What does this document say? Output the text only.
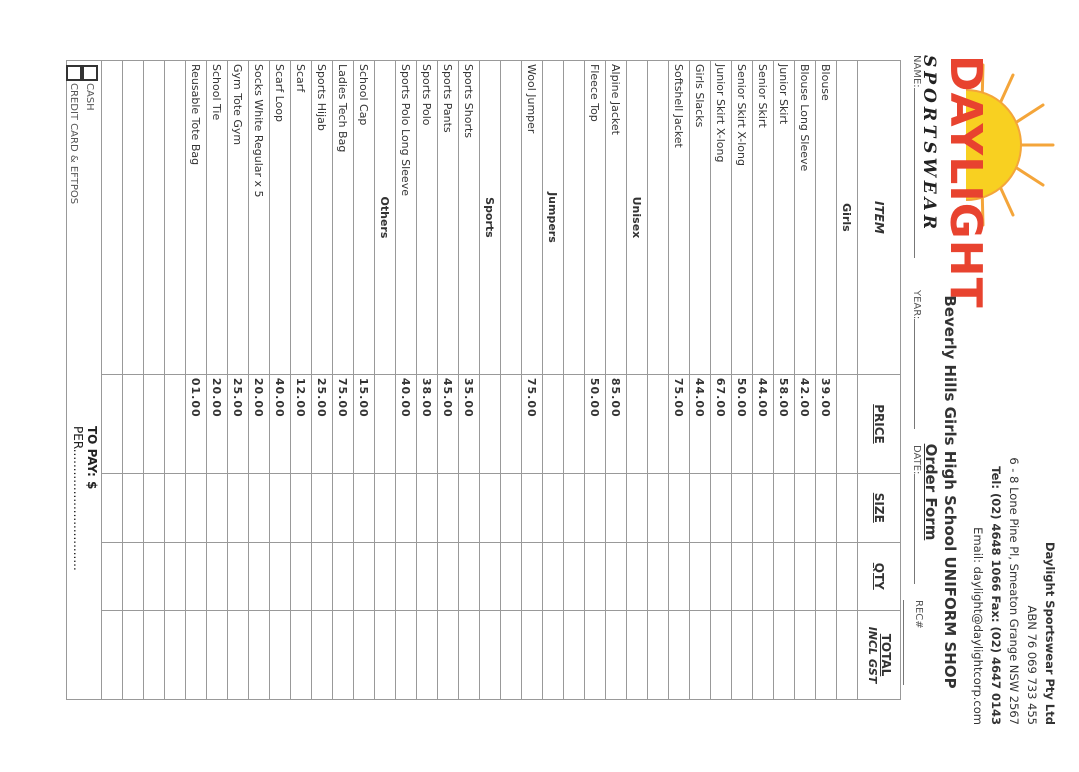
DAYLIGHT
SPORTSWEAR
Daylight Sportswear Pty Ltd
ABN 76 069 733 455
6 - 8 Lone Pine Pl, Smeaton Grange NSW 2567
Tel: (02) 4648 1066 Fax: (02) 4647 0143
Email: daylight@daylightcorp.com
Beverly Hills Girls High School UNIFORM SHOP
Order Form
NAME:
YEAR:
DATE:
REC#
ITEM	PRICE	SIZE	QTY	TOTAL
INCL GST

Girls				
Blouse	39.00			
Blouse Long Sleeve	42.00			
Junior Skirt	58.00			
Senior Skirt	44.00			
Senior Skirt X-long	50.00			
Junior Skirt X-long	67.00			
Girls Slacks	44.00			
Softshell Jacket	75.00			

Unisex				
Alpine Jacket	85.00			
Fleece Top	50.00			

Jumpers				
Wool Jumper	75.00			

Sports				
Sports Shorts	35.00			
Sports Pants	45.00			
Sports Polo	38.00			
Sports Polo Long Sleeve	40.00			
Others				
School Cap	15.00			
Ladies Tech Bag	75.00			
Sports Hijab	25.00			
Scarf	12.00			
Scarf Loop	40.00			
Socks White Regular x 5	20.00			
Gym Tote Gym	25.00			
School Tie	20.00			
Reusable Tote Bag	01.00			

CASH
CREDIT CARD & EFTPOS
TO PAY: $
PER................................
